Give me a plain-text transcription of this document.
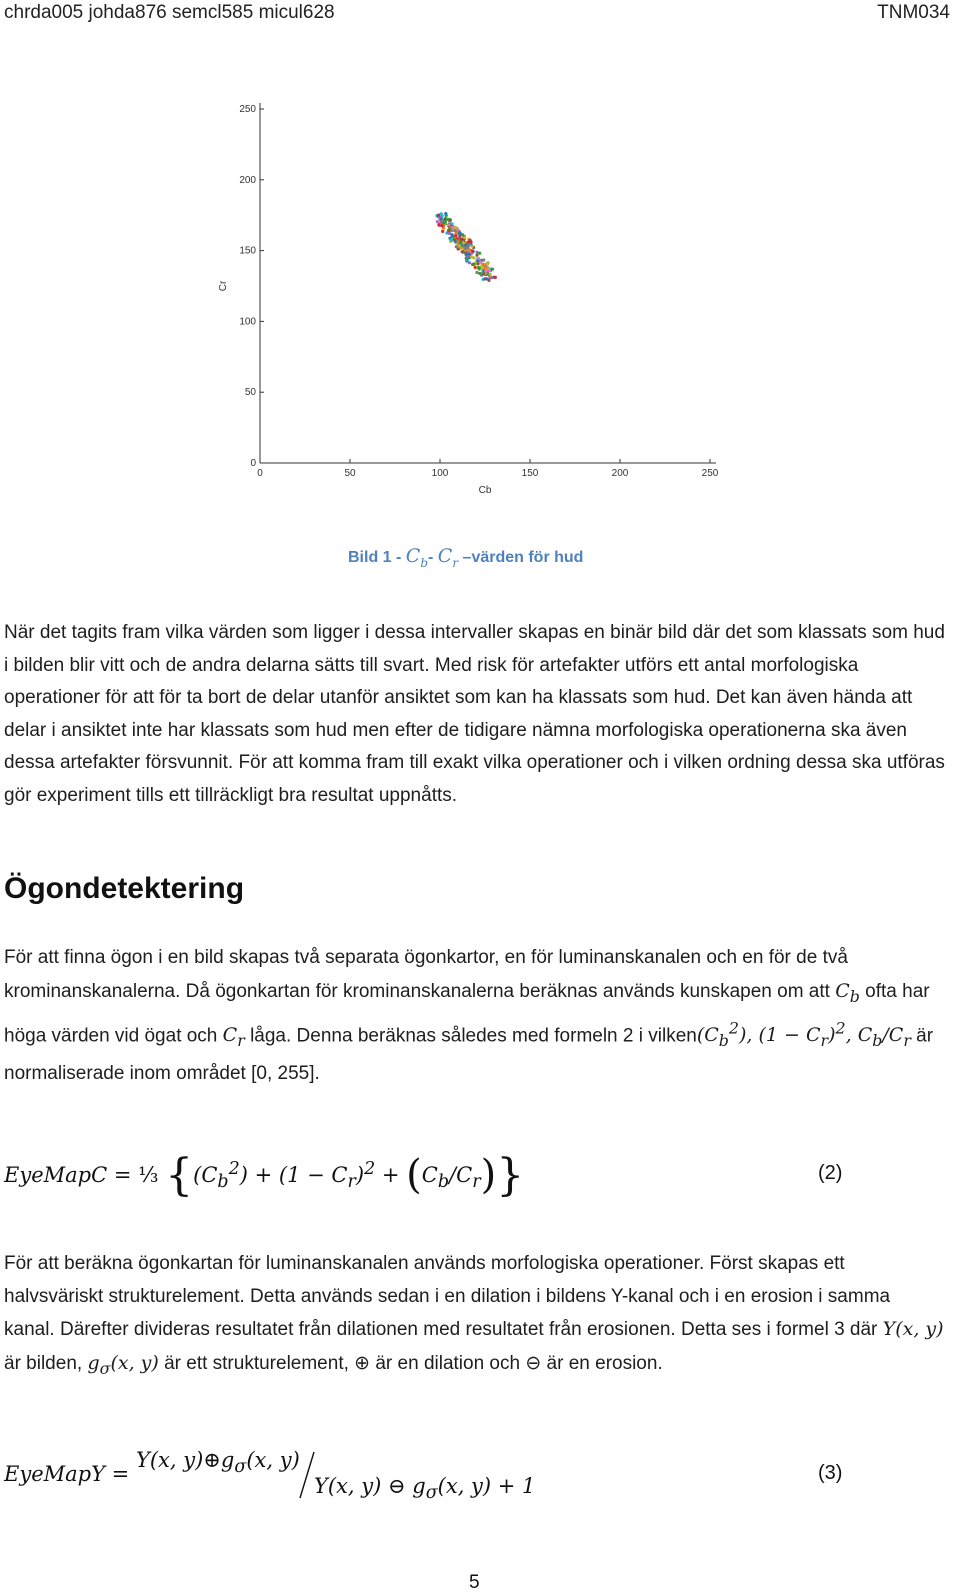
chrda005 johda876 semcl585 micul628	TNM034
0	50	100	150	200	250
0
50
100
150
200
250
Cb
Cr
Bild $1 - C_b-$ $C_r$ –värden för hud
När det tagits fram vilka värden som ligger i dessa intervaller skapas en binär bild där det som klassats som hud i bilden blir vitt och de andra delarna sätts till svart. Med risk för artefakter utförs ett antal morfologiska operationer för att för ta bort de delar utanför ansiktet som kan ha klassats som hud. Det kan även hända att delar i ansiktet inte har klassats som hud men efter de tidigare nämna morfologiska operationerna ska även dessa artefakter försvunnit. För att komma fram till exakt vilka operationer och i vilken ordning dessa ska utföras gör experiment tills ett tillräckligt bra resultat uppnåtts.
Ögondetektering
För att finna ögon i en bild skapas två separata ögonkartor, en för luminanskanalen och en för de två krominanskanalerna. Då ögonkartan för krominanskanalerna beräknas används kunskapen om att $C_b$ ofta har höga värden vid ögat och $C_r$ låga. Denna beräknas således med formeln 2 i $vilken(C_b^2)$, $(1 - C_r)^2$, $C_b/C_r$ är normaliserade inom området [0, 255].
EyeMapC = ¹⁄₃ $\{(C_b^2) + (1 - C_r)^2 + (C_b/C_r)\}$	(2)
För att beräkna ögonkartan för luminanskanalen används morfologiska operationer. Först skapas ett halvsväriskt strukturelement. Detta används sedan i en dilation i bildens Y-kanal och i en erosion i samma kanal. Därefter divideras resultatet från dilationen med resultatet från erosionen. Detta ses i formel 3 där Y(x, y) är bilden, $g_\sigma(x$, y) är ett strukturelement, ⊕ är en dilation och ⊖ är en erosion.
EyeMapY =
Y(x, $y)\oplus g_\sigma(x$, y)
Y(x, y) ⊖ $g_\sigma(x$, y) + 1
(3)
5
